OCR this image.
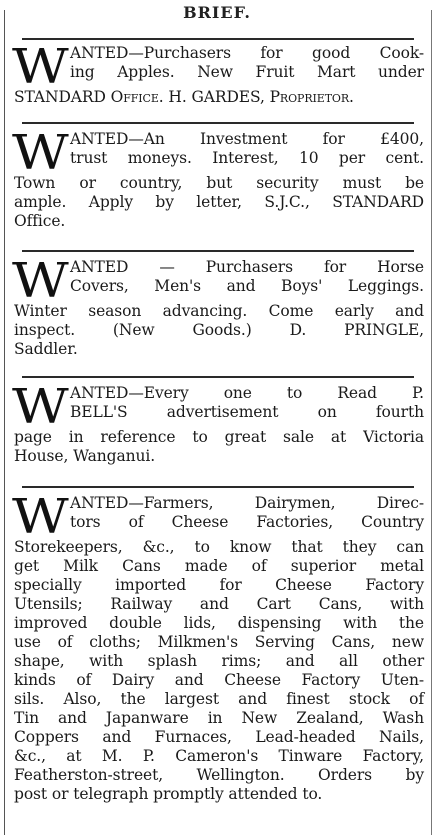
BRIEF.
W ANTED—Purchasers for good Cook-
ing Apples. New Fruit Mart under
STANDARD Office. H. GARDES, Proprietor.
W ANTED—An Investment for £400,
trust moneys. Interest, 10 per cent.
Town or country, but security must be
ample. Apply by letter, S.J.C., STANDARD
Office.
W ANTED — Purchasers for Horse
Covers, Men's and Boys' Leggings.
Winter season advancing. Come early and
inspect. (New Goods.) D. PRINGLE,
Saddler.
W ANTED—Every one to Read P.
BELL'S advertisement on fourth
page in reference to great sale at Victoria
House, Wanganui.
W ANTED—Farmers, Dairymen, Direc-
tors of Cheese Factories, Country
Storekeepers, &c., to know that they can
get Milk Cans made of superior metal
specially imported for Cheese Factory
Utensils; Railway and Cart Cans, with
improved double lids, dispensing with the
use of cloths; Milkmen's Serving Cans, new
shape, with splash rims; and all other
kinds of Dairy and Cheese Factory Uten-
sils. Also, the largest and finest stock of
Tin and Japanware in New Zealand, Wash
Coppers and Furnaces, Lead-headed Nails,
&c., at M. P. Cameron's Tinware Factory,
Featherston-street, Wellington. Orders by
post or telegraph promptly attended to.
